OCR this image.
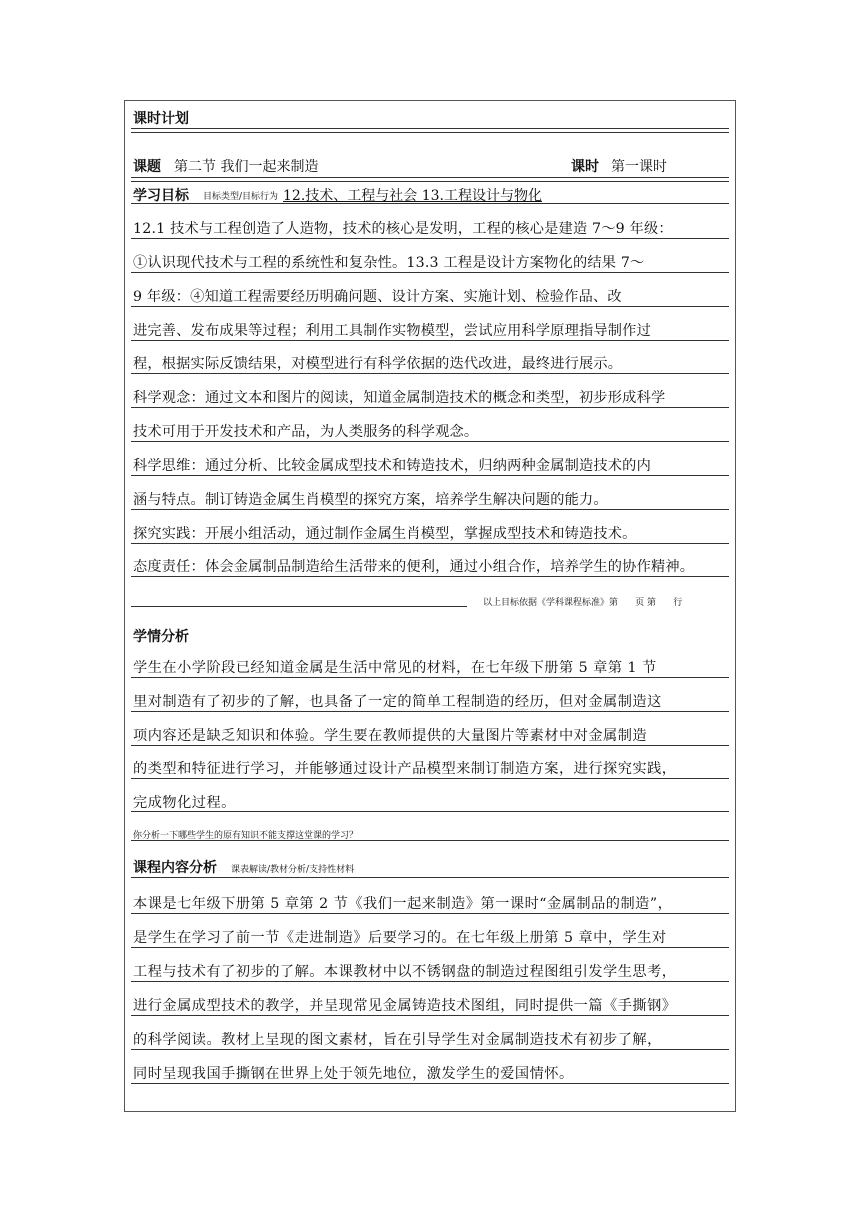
课时计划
课题 第二节 我们一起来制造	课时 第一课时
学习目标 目标类型/目标行为 12.技术、工程与社会 13.工程设计与物化
12.1 技术与工程创造了人造物，技术的核心是发明，工程的核心是建造 7～9 年级：
①认识现代技术与工程的系统性和复杂性。13.3 工程是设计方案物化的结果 7～
9 年级：④知道工程需要经历明确问题、设计方案、实施计划、检验作品、改
进完善、发布成果等过程；利用工具制作实物模型，尝试应用科学原理指导制作过
程，根据实际反馈结果，对模型进行有科学依据的迭代改进，最终进行展示。
科学观念：通过文本和图片的阅读，知道金属制造技术的概念和类型，初步形成科学
技术可用于开发技术和产品，为人类服务的科学观念。
科学思维：通过分析、比较金属成型技术和铸造技术，归纳两种金属制造技术的内
涵与特点。制订铸造金属生肖模型的探究方案，培养学生解决问题的能力。
探究实践：开展小组活动，通过制作金属生肖模型，掌握成型技术和铸造技术。
态度责任：体会金属制品制造给生活带来的便利，通过小组合作，培养学生的协作精神。
以上目标依据《学科课程标准》第      页 第      行
学情分析
学生在小学阶段已经知道金属是生活中常见的材料，在七年级下册第 5 章第 1 节
里对制造有了初步的了解，也具备了一定的简单工程制造的经历，但对金属制造这
项内容还是缺乏知识和体验。学生要在教师提供的大量图片等素材中对金属制造
的类型和特征进行学习，并能够通过设计产品模型来制订制造方案，进行探究实践，
完成物化过程。
你分析一下哪些学生的原有知识不能支撑这堂课的学习？
课程内容分析 课表解读/教材分析/支持性材料
本课是七年级下册第 5 章第 2 节《我们一起来制造》第一课时“金属制品的制造”，
是学生在学习了前一节《走进制造》后要学习的。在七年级上册第 5 章中，学生对
工程与技术有了初步的了解。本课教材中以不锈钢盘的制造过程图组引发学生思考，
进行金属成型技术的教学，并呈现常见金属铸造技术图组，同时提供一篇《手撕钢》
的科学阅读。教材上呈现的图文素材，旨在引导学生对金属制造技术有初步了解，
同时呈现我国手撕钢在世界上处于领先地位，激发学生的爱国情怀。
